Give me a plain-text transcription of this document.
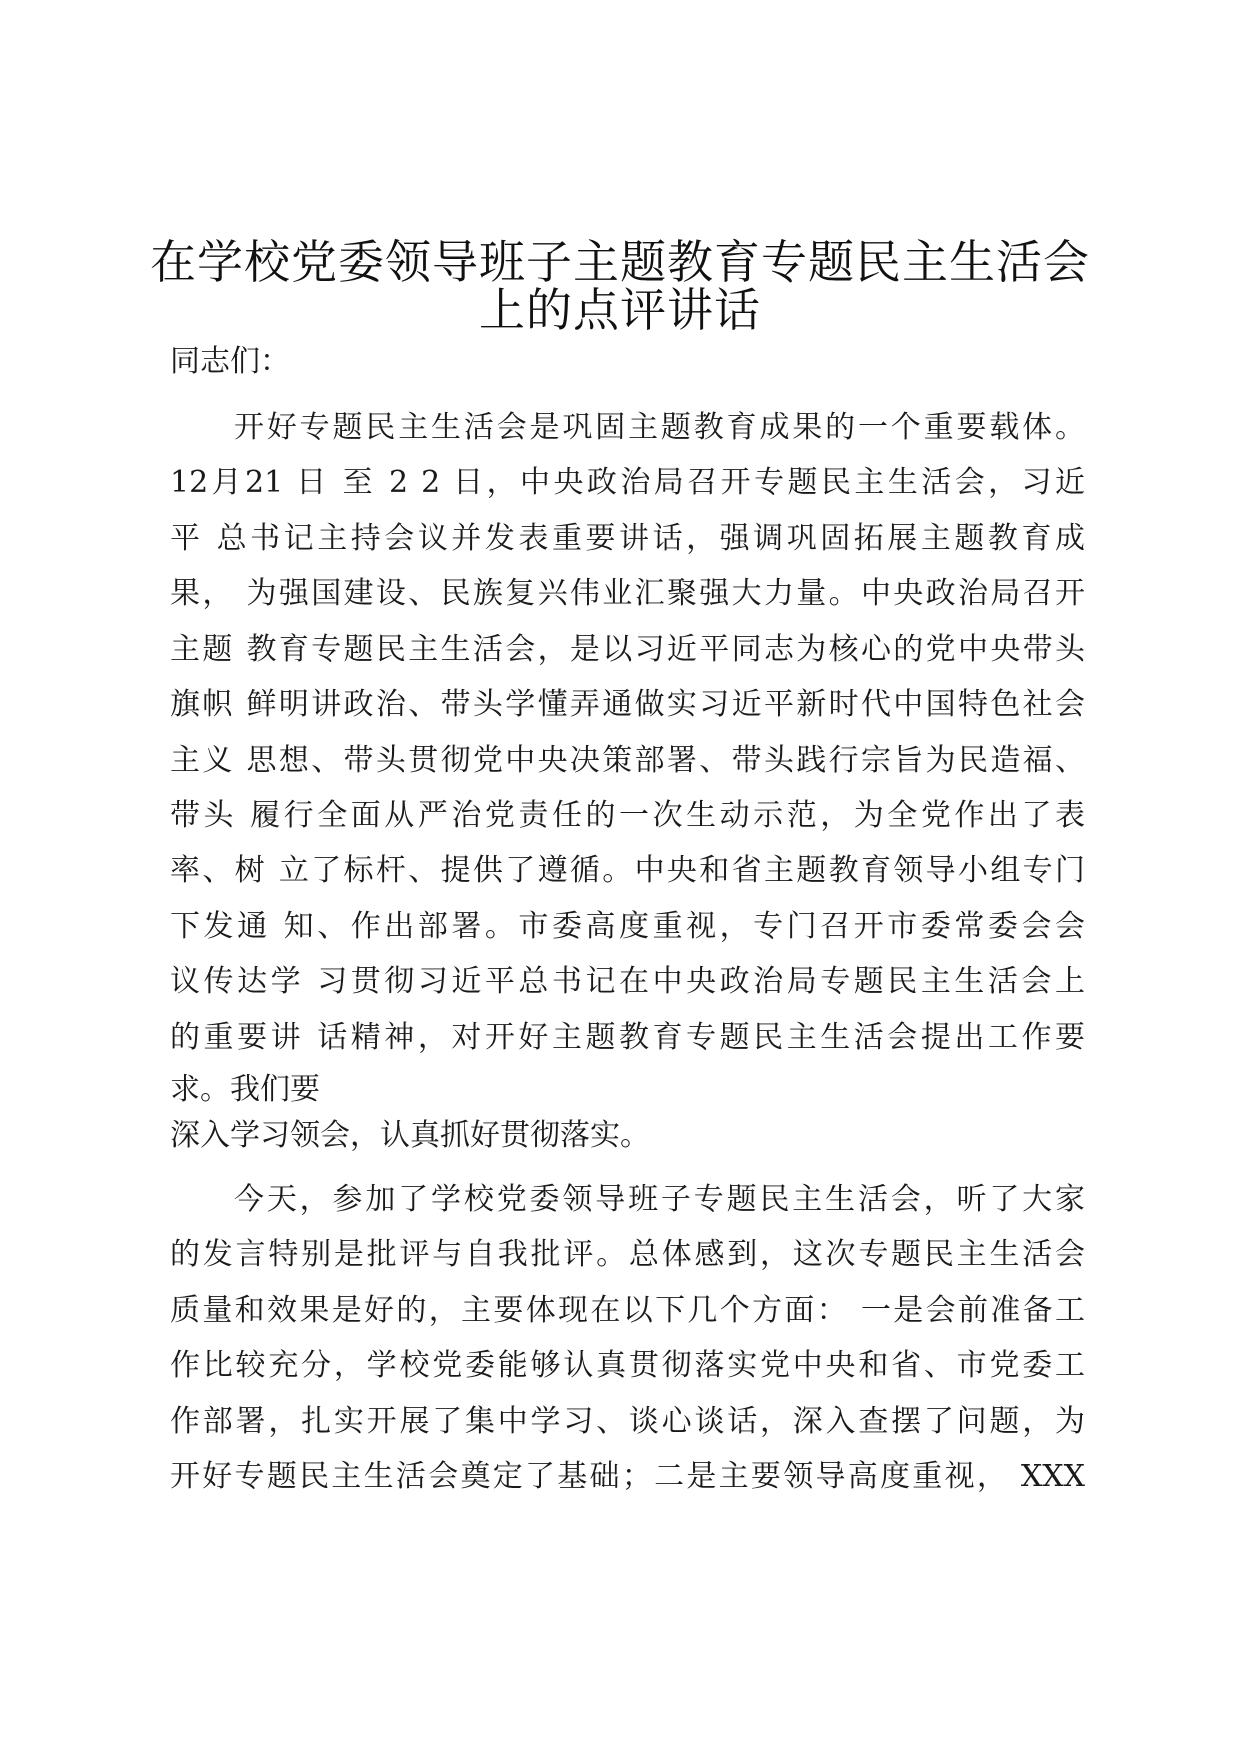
在学校党委领导班子主题教育专题民主生活会
上的点评讲话
同志们：
开好专题民主生活会是巩固主题教育成果的一个重要载体。
12月21 日 至 2 2 日，中央政治局召开专题民主生活会，习近
平 总书记主持会议并发表重要讲话，强调巩固拓展主题教育成
果， 为强国建设、民族复兴伟业汇聚强大力量。中央政治局召开
主题 教育专题民主生活会，是以习近平同志为核心的党中央带头
旗帜 鲜明讲政治、带头学懂弄通做实习近平新时代中国特色社会
主义 思想、带头贯彻党中央决策部署、带头践行宗旨为民造福、
带头 履行全面从严治党责任的一次生动示范，为全党作出了表
率、树 立了标杆、提供了遵循。中央和省主题教育领导小组专门
下发通 知、作出部署。市委高度重视，专门召开市委常委会会
议传达学 习贯彻习近平总书记在中央政治局专题民主生活会上
的重要讲 话精神，对开好主题教育专题民主生活会提出工作要
求。我们要
深入学习领会，认真抓好贯彻落实。
今天，参加了学校党委领导班子专题民主生活会，听了大家
的发言特别是批评与自我批评。总体感到，这次专题民主生活会
质量和效果是好的，主要体现在以下几个方面： 一是会前准备工
作比较充分，学校党委能够认真贯彻落实党中央和省、市党委工
作部署，扎实开展了集中学习、谈心谈话，深入查摆了问题，为
开好专题民主生活会奠定了基础；二是主要领导高度重视， XXX
